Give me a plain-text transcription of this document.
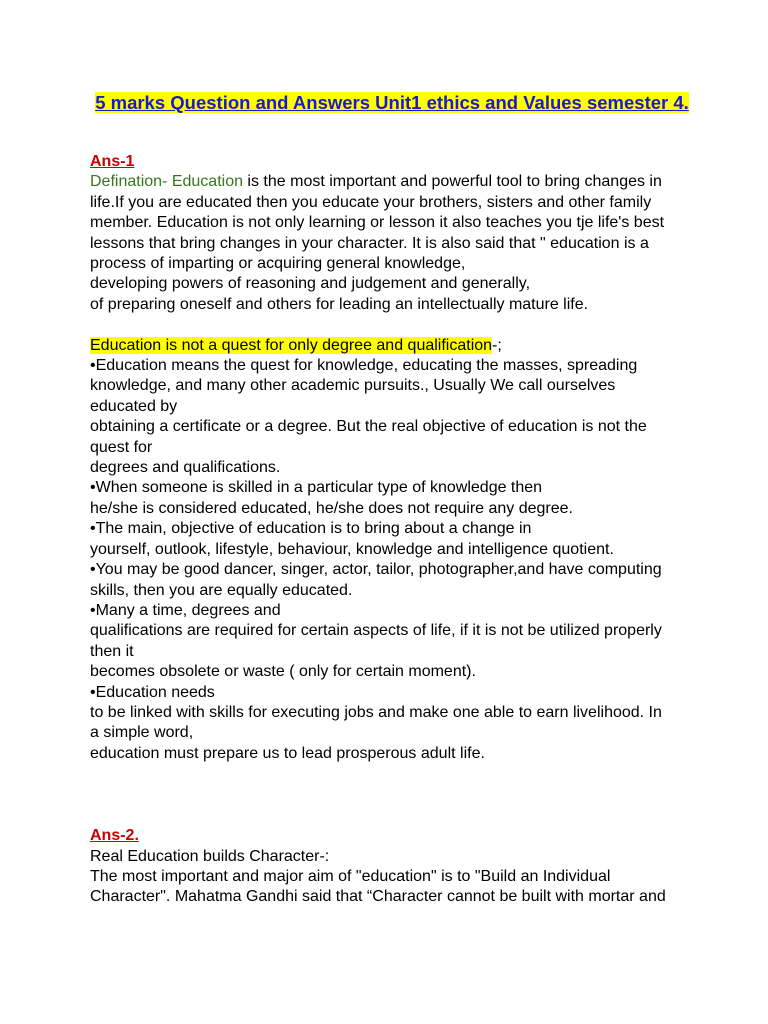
5 marks Question and Answers Unit1 ethics and Values semester 4.
Ans-1
Defination- Education is the most important and powerful tool to bring changes in
life.If you are educated then you educate your brothers, sisters and other family
member. Education is not only learning or lesson it also teaches you tje life's best
lessons that bring changes in your character. It is also said that " education is a
process of imparting or acquiring general knowledge,
developing powers of reasoning and judgement and generally,
of preparing oneself and others for leading an intellectually mature life.
Education is not a quest for only degree and qualification-;
•Education means the quest for knowledge, educating the masses, spreading
knowledge, and many other academic pursuits., Usually We call ourselves
educated by
obtaining a certificate or a degree. But the real objective of education is not the
quest for
degrees and qualifications.
•When someone is skilled in a particular type of knowledge then
he/she is considered educated, he/she does not require any degree.
•The main, objective of education is to bring about a change in
yourself, outlook, lifestyle, behaviour, knowledge and intelligence quotient.
•You may be good dancer, singer, actor, tailor, photographer,and have computing
skills, then you are equally educated.
•Many a time, degrees and
qualifications are required for certain aspects of life, if it is not be utilized properly
then it
becomes obsolete or waste ( only for certain moment).
•Education needs
to be linked with skills for executing jobs and make one able to earn livelihood. In
a simple word,
education must prepare us to lead prosperous adult life.
Ans-2.
Real Education builds Character-:
The most important and major aim of "education" is to "Build an Individual
Character". Mahatma Gandhi said that “Character cannot be built with mortar and
